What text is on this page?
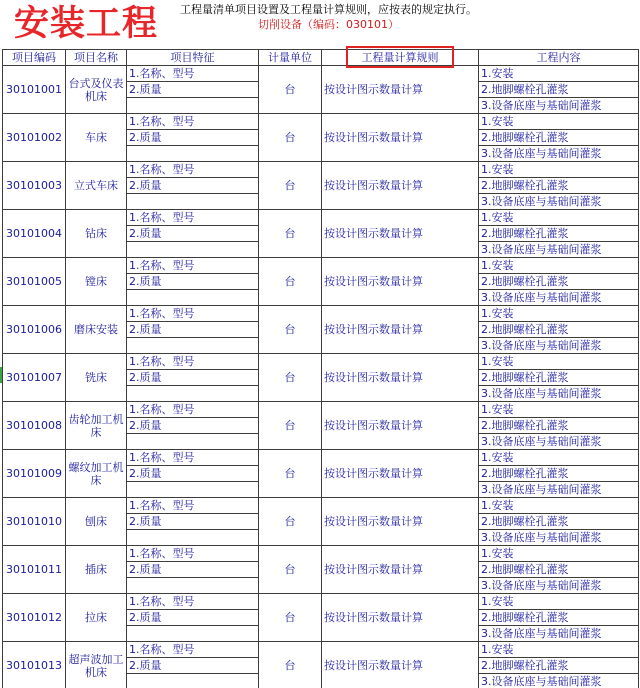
安装工程 工程量清单项目设置及工程量计算规则，应按表的规定执行。
切削设备（编码：030101）
项目编码	项目名称	项目特征	计量单位	工程量计算规则	工程内容
30101001	台式及仪表机床	1.名称、型号	台	按设计图示数量计算	1.安装
		2.质量			2.地脚螺栓孔灌浆
					3.设备底座与基础间灌浆
30101002	车床	1.名称、型号	台	按设计图示数量计算	1.安装
		2.质量			2.地脚螺栓孔灌浆
					3.设备底座与基础间灌浆
30101003	立式车床	1.名称、型号	台	按设计图示数量计算	1.安装
		2.质量			2.地脚螺栓孔灌浆
					3.设备底座与基础间灌浆
30101004	钻床	1.名称、型号	台	按设计图示数量计算	1.安装
		2.质量			2.地脚螺栓孔灌浆
					3.设备底座与基础间灌浆
30101005	镗床	1.名称、型号	台	按设计图示数量计算	1.安装
		2.质量			2.地脚螺栓孔灌浆
					3.设备底座与基础间灌浆
30101006	磨床安装	1.名称、型号	台	按设计图示数量计算	1.安装
		2.质量			2.地脚螺栓孔灌浆
					3.设备底座与基础间灌浆
30101007	铣床	1.名称、型号	台	按设计图示数量计算	1.安装
		2.质量			2.地脚螺栓孔灌浆
					3.设备底座与基础间灌浆
30101008	齿轮加工机床	1.名称、型号	台	按设计图示数量计算	1.安装
		2.质量			2.地脚螺栓孔灌浆
					3.设备底座与基础间灌浆
30101009	螺纹加工机床	1.名称、型号	台	按设计图示数量计算	1.安装
		2.质量			2.地脚螺栓孔灌浆
					3.设备底座与基础间灌浆
30101010	刨床	1.名称、型号	台	按设计图示数量计算	1.安装
		2.质量			2.地脚螺栓孔灌浆
					3.设备底座与基础间灌浆
30101011	插床	1.名称、型号	台	按设计图示数量计算	1.安装
		2.质量			2.地脚螺栓孔灌浆
					3.设备底座与基础间灌浆
30101012	拉床	1.名称、型号	台	按设计图示数量计算	1.安装
		2.质量			2.地脚螺栓孔灌浆
					3.设备底座与基础间灌浆
30101013	超声波加工机床	1.名称、型号	台	按设计图示数量计算	1.安装
		2.质量			2.地脚螺栓孔灌浆
					3.设备底座与基础间灌浆
